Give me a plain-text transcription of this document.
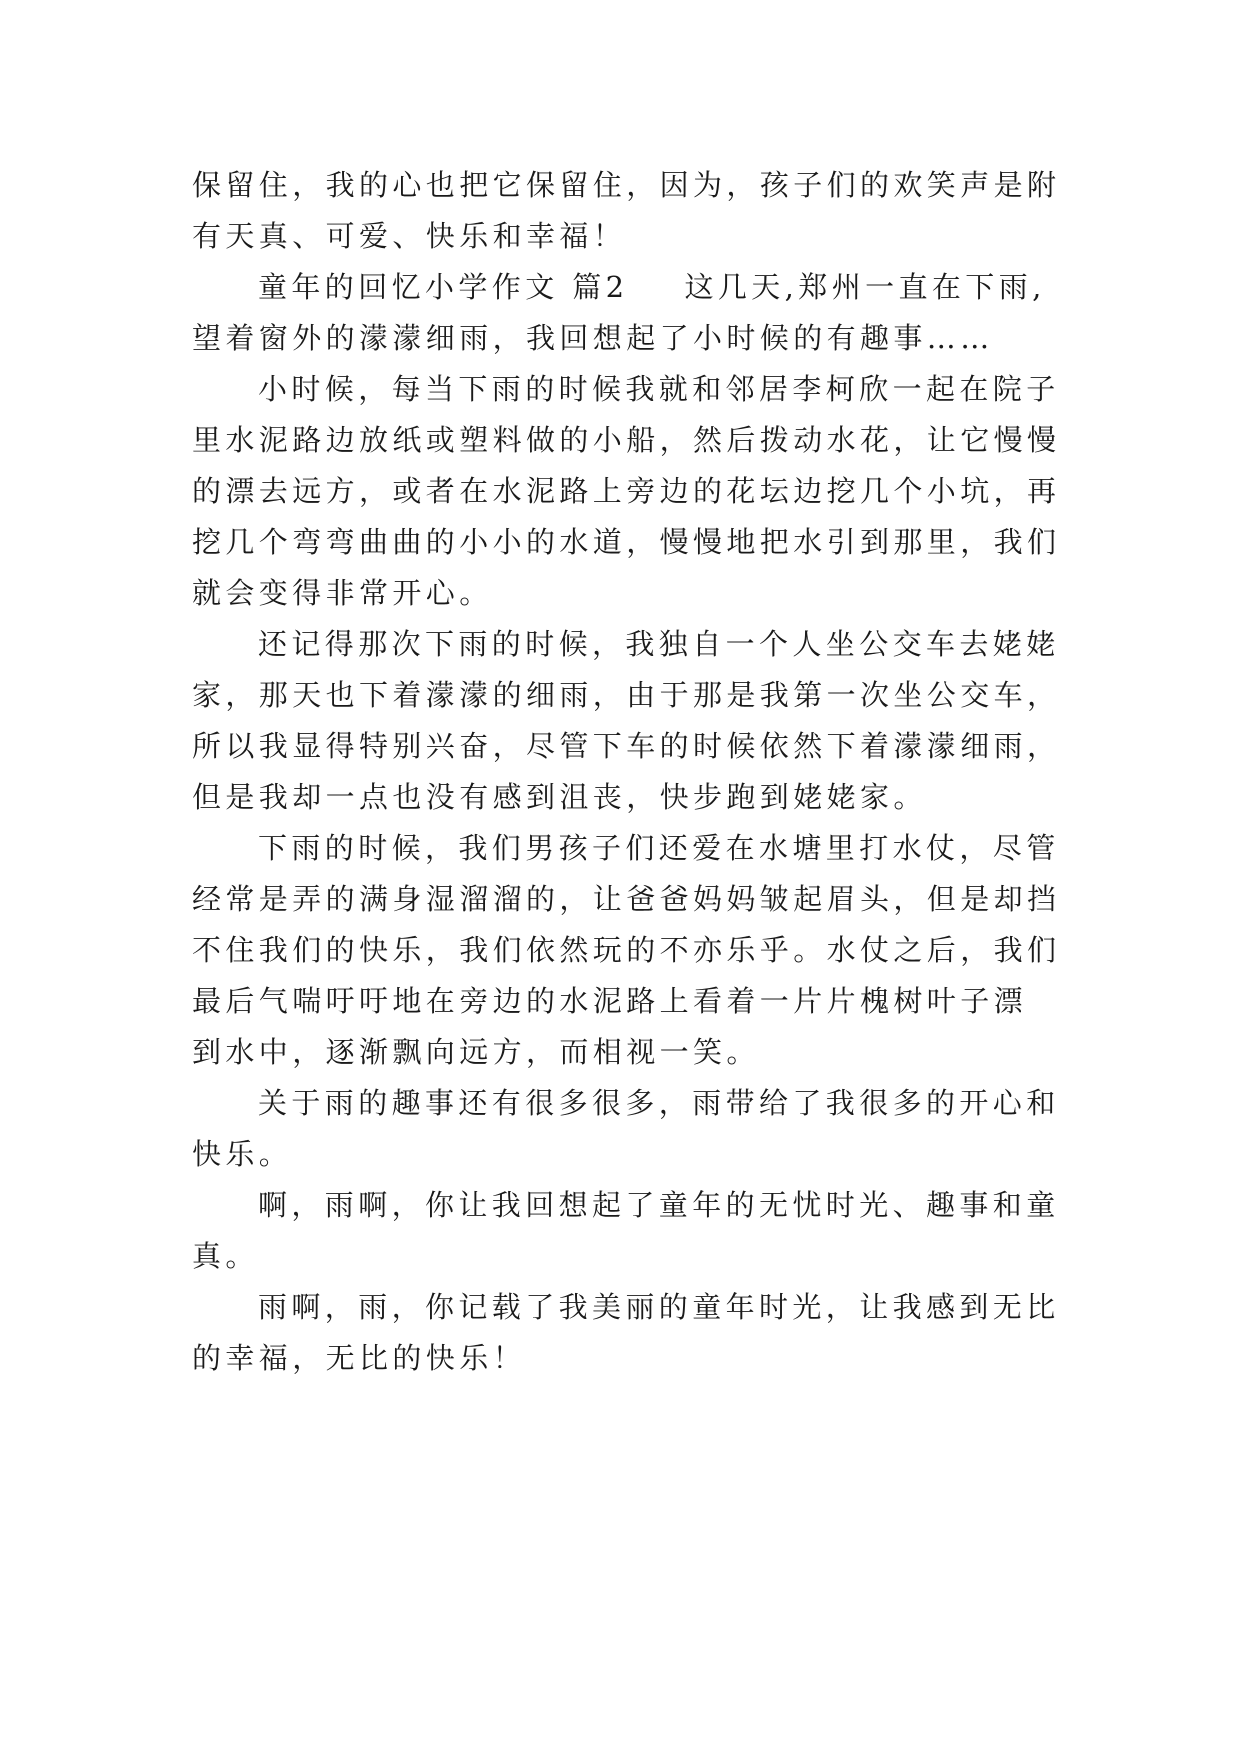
保留住，我的心也把它保留住，因为，孩子们的欢笑声是附
有天真、可爱、快乐和幸福！
童年的回忆小学作文 篇2 这几天,郑州一直在下雨,
望着窗外的濛濛细雨，我回想起了小时候的有趣事……
小时候，每当下雨的时候我就和邻居李柯欣一起在院子
里水泥路边放纸或塑料做的小船，然后拨动水花，让它慢慢
的漂去远方，或者在水泥路上旁边的花坛边挖几个小坑，再
挖几个弯弯曲曲的小小的水道，慢慢地把水引到那里，我们
就会变得非常开心。
还记得那次下雨的时候，我独自一个人坐公交车去姥姥
家，那天也下着濛濛的细雨，由于那是我第一次坐公交车，
所以我显得特别兴奋，尽管下车的时候依然下着濛濛细雨，
但是我却一点也没有感到沮丧，快步跑到姥姥家。
下雨的时候，我们男孩子们还爱在水塘里打水仗，尽管
经常是弄的满身湿溜溜的，让爸爸妈妈皱起眉头，但是却挡
不住我们的快乐，我们依然玩的不亦乐乎。水仗之后，我们
最后气喘吁吁地在旁边的水泥路上看着一片片槐树叶子漂
到水中，逐渐飘向远方，而相视一笑。
关于雨的趣事还有很多很多，雨带给了我很多的开心和
快乐。
啊，雨啊，你让我回想起了童年的无忧时光、趣事和童
真。
雨啊，雨，你记载了我美丽的童年时光，让我感到无比
的幸福，无比的快乐！
